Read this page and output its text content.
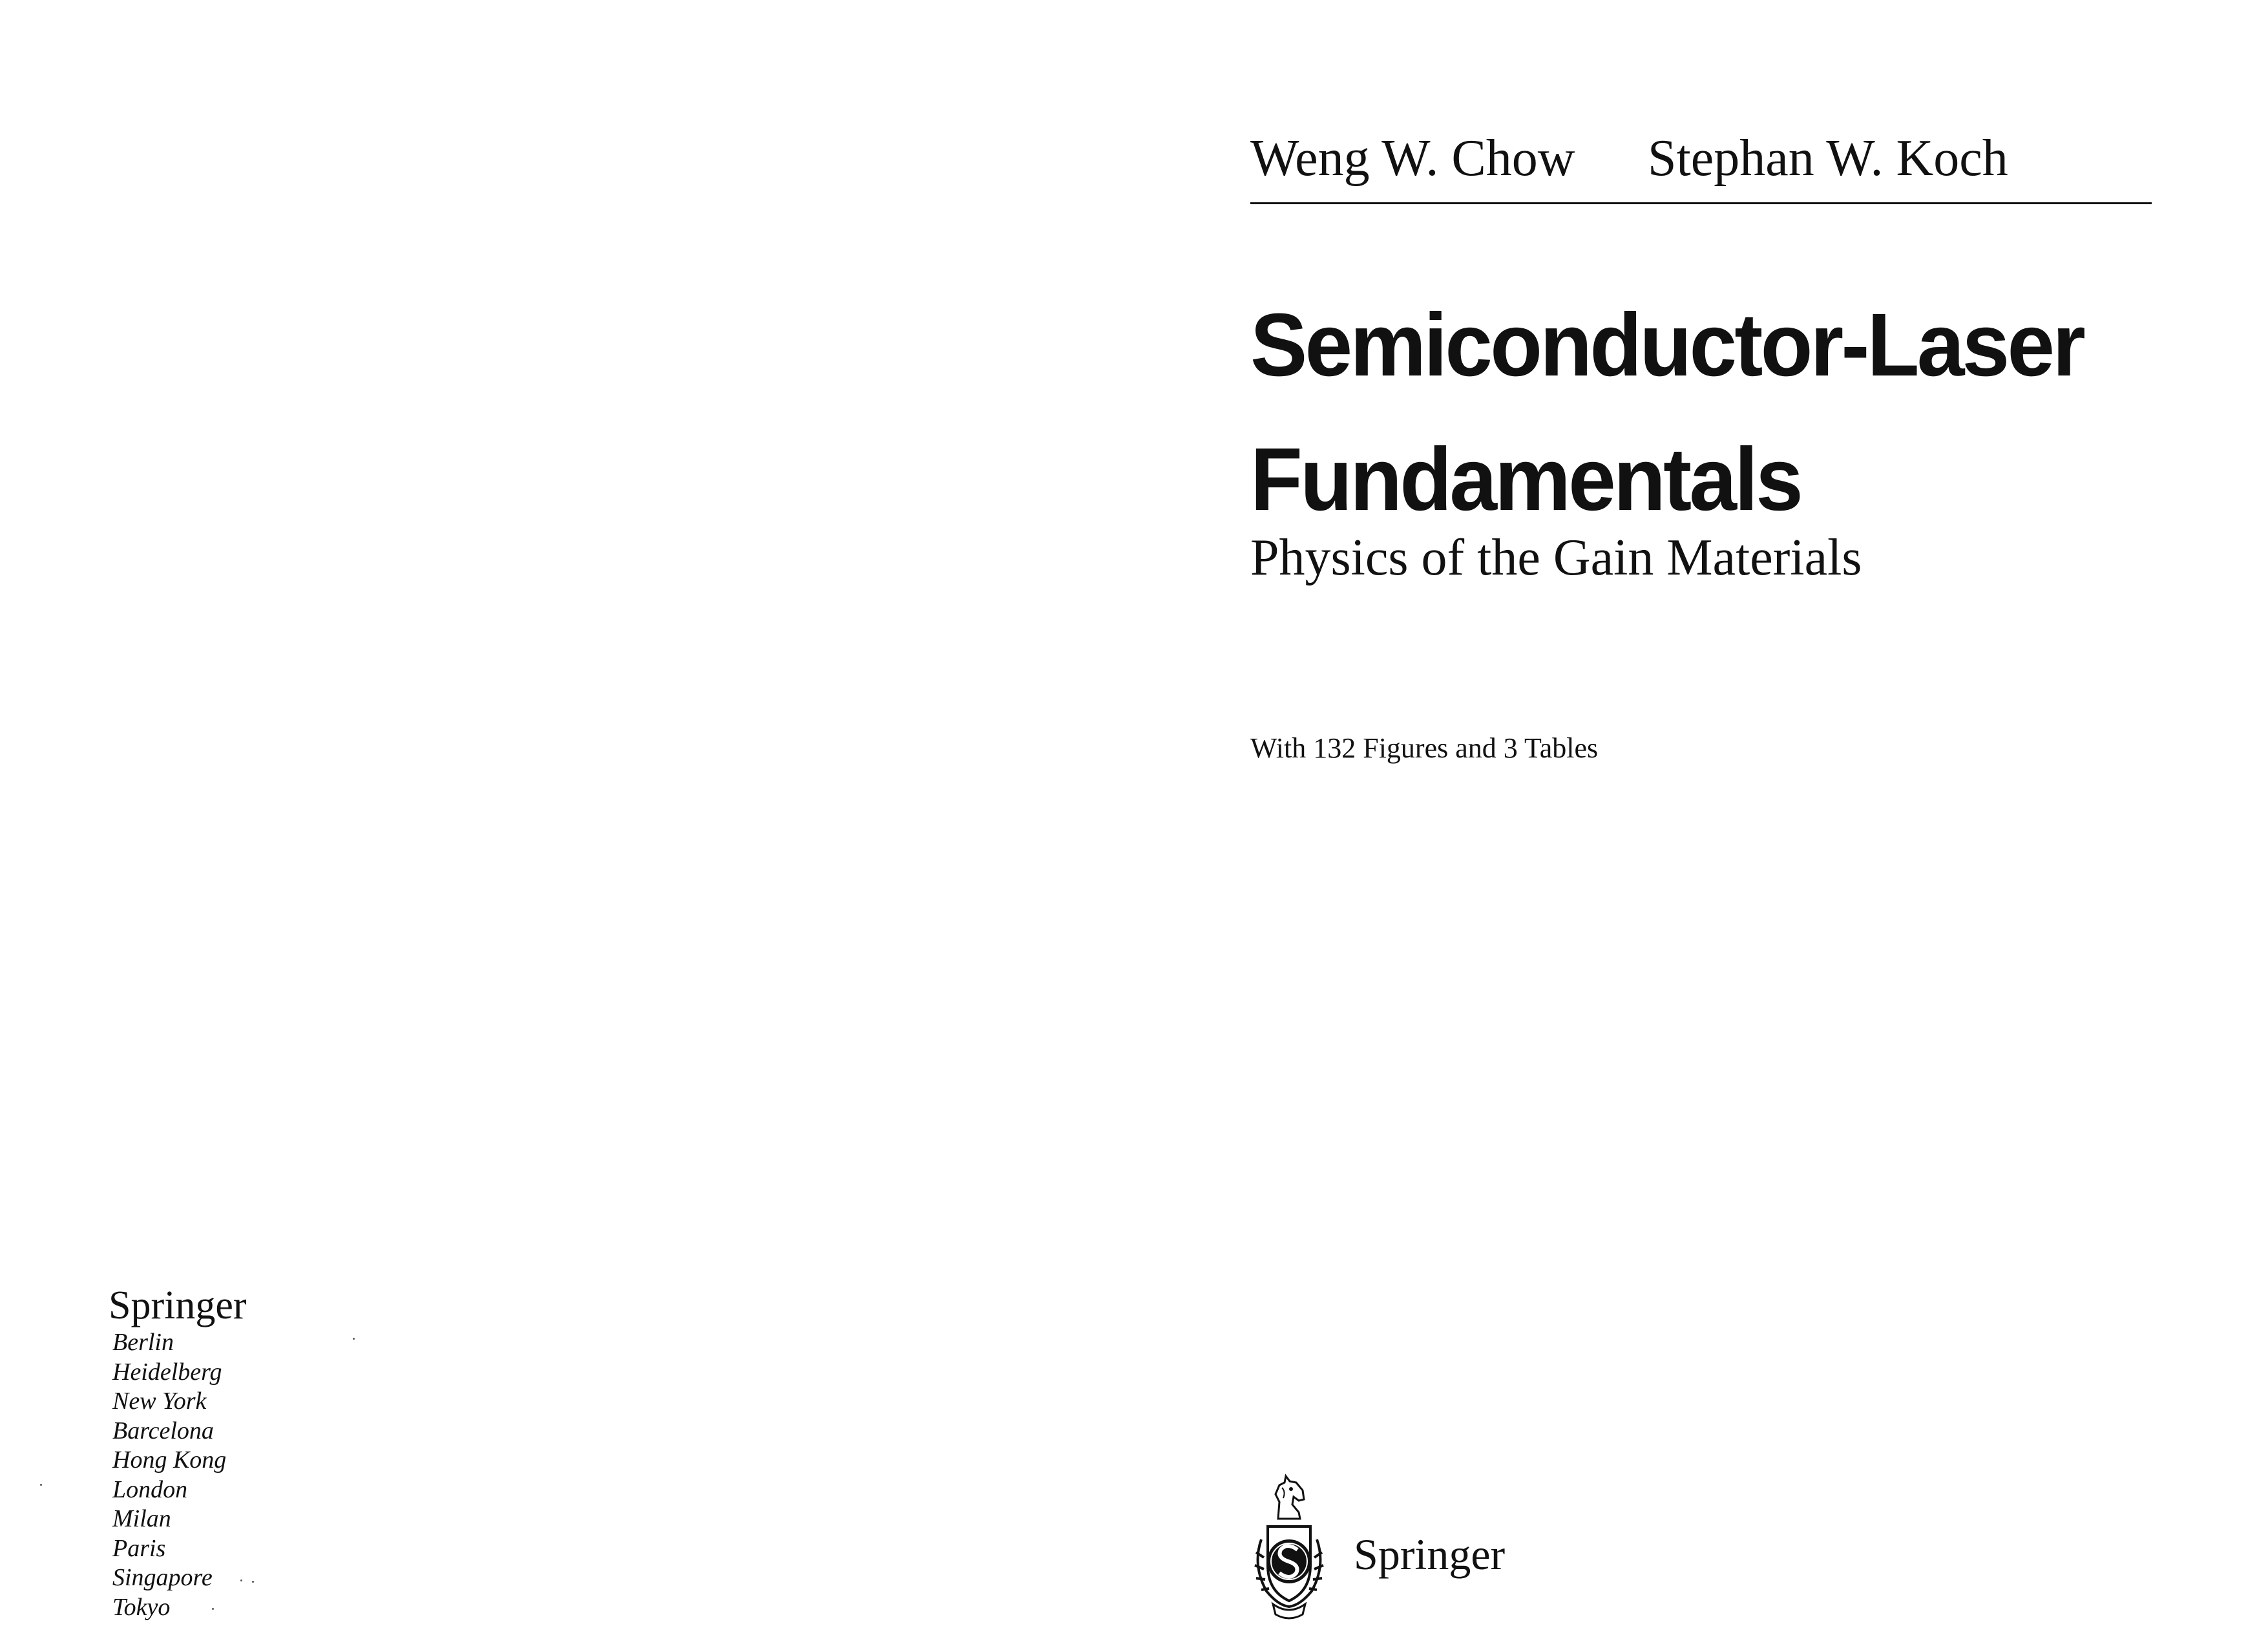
Springer
Berlin
Heidelberg
New York
Barcelona
Hong Kong
London
Milan
Paris
Singapore
Tokyo
Weng W. Chow Stephan W. Koch
Semiconductor-Laser
Fundamentals
Physics of the Gain Materials

With 132 Figures and 3 Tables

Springer
